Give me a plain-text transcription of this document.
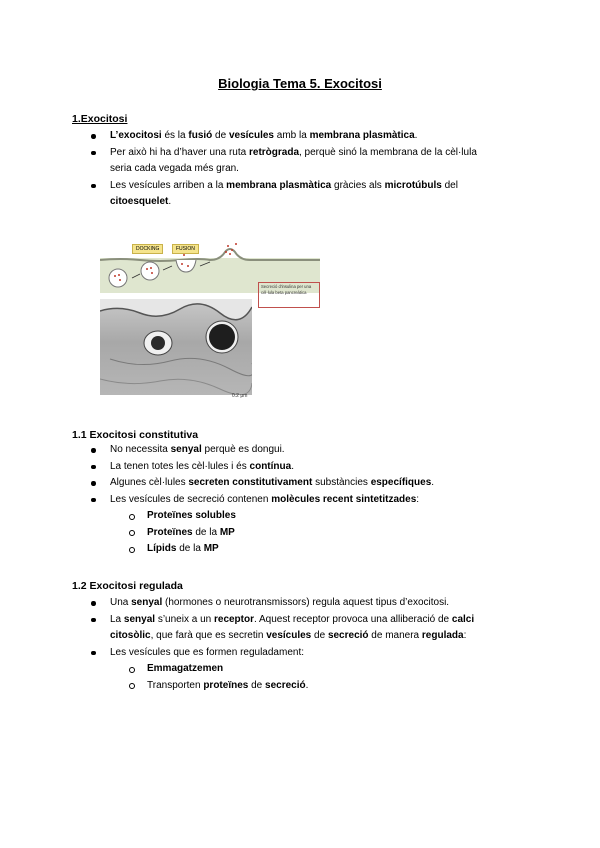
Biologia Tema 5. Exocitosi
1.Exocitosi
L’exocitosi és la fusió de vesícules amb la membrana plasmàtica.
Per això hi ha d’haver una ruta retrògrada, perquè sinó la membrana de la cèl·lula
seria cada vegada més gran.
Les vesícules arriben a la membrana plasmàtica gràcies als microtúbuls del
citoesquelet.
DOCKING	FUSION
Secreció d'insulina per una cèl·lula beta pancreàtica
0.2 μm
1.1 Exocitosi constitutiva
No necessita senyal perquè es dongui.
La tenen totes les cèl·lules i és contínua.
Algunes cèl·lules secreten constitutivament substàncies específiques.
Les vesícules de secreció contenen molècules recent sintetitzades:
Proteïnes solubles
Proteïnes de la MP
Lípids de la MP
1.2 Exocitosi regulada
Una senyal (hormones o neurotransmissors) regula aquest tipus d’exocitosi.
La senyal s’uneix a un receptor. Aquest receptor provoca una alliberació de calci
citosòlic, que farà que es secretin vesícules de secreció de manera regulada:
Les vesícules que es formen reguladament:
Emmagatzemen
Transporten proteïnes de secreció.
